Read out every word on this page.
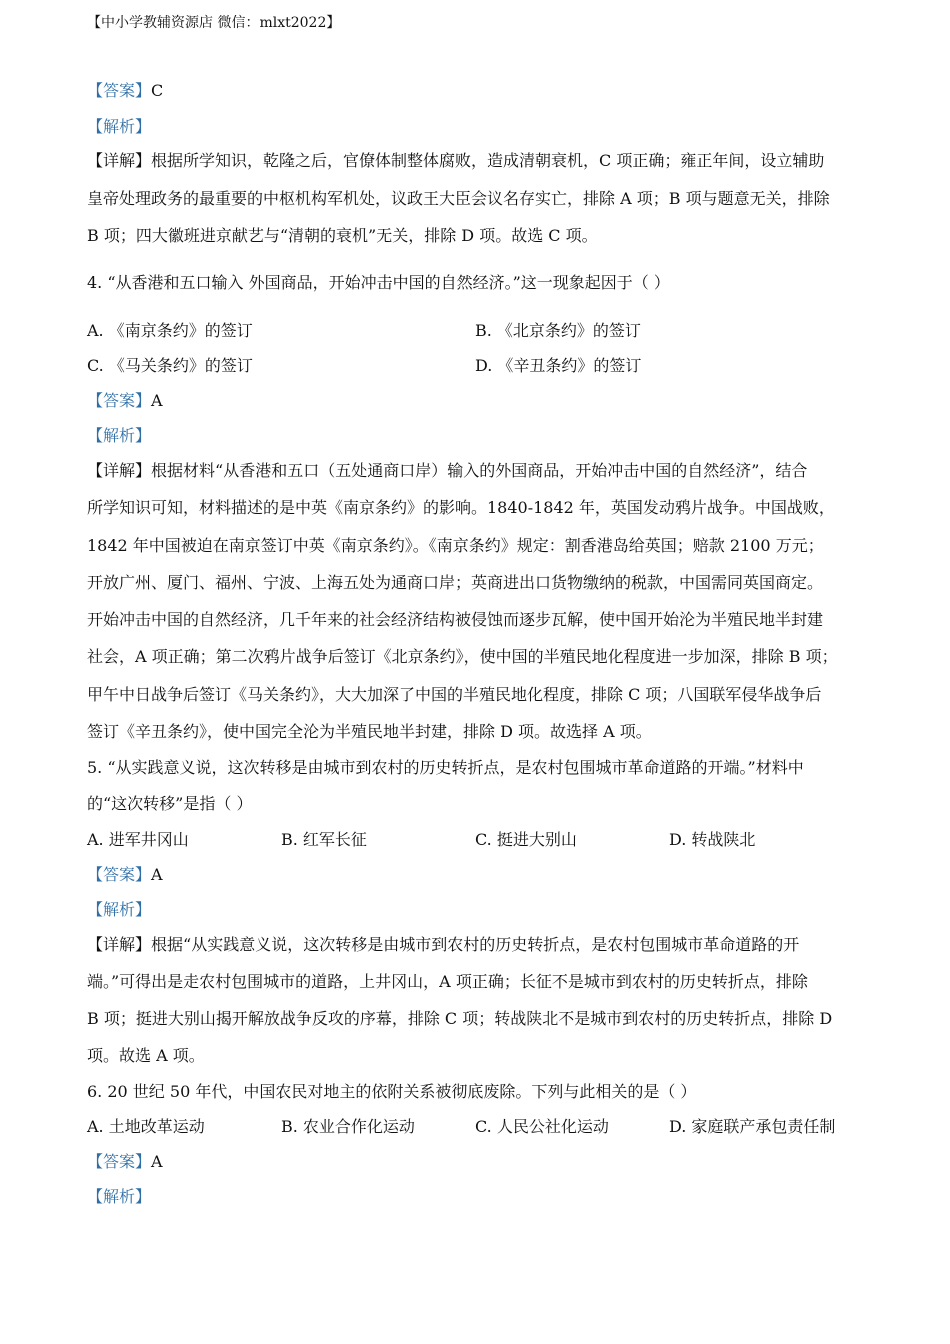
【中小学教辅资源店 微信：mlxt2022】
【答案】C
【解析】
【详解】根据所学知识，乾隆之后，官僚体制整体腐败，造成清朝衰机，C 项正确；雍正年间，设立辅助
皇帝处理政务的最重要的中枢机构军机处，议政王大臣会议名存实亡，排除 A 项；B 项与题意无关，排除
B 项；四大徽班进京献艺与“清朝的衰机”无关，排除 D 项。故选 C 项。
4. “从香港和五口输入 外国商品，开始冲击中国的自然经济。”这一现象起因于（ ）
A. 《南京条约》的签订	B. 《北京条约》的签订
C. 《马关条约》的签订	D. 《辛丑条约》的签订
【答案】A
【解析】
【详解】根据材料“从香港和五口（五处通商口岸）输入的外国商品，开始冲击中国的自然经济”，结合
所学知识可知，材料描述的是中英《南京条约》的影响。1840-1842 年，英国发动鸦片战争。中国战败，
1842 年中国被迫在南京签订中英《南京条约》。《南京条约》规定：割香港岛给英国；赔款 2100 万元；
开放广州、厦门、福州、宁波、上海五处为通商口岸；英商进出口货物缴纳的税款，中国需同英国商定。
开始冲击中国的自然经济，几千年来的社会经济结构被侵蚀而逐步瓦解，使中国开始沦为半殖民地半封建
社会，A 项正确；第二次鸦片战争后签订《北京条约》，使中国的半殖民地化程度进一步加深，排除 B 项；
甲午中日战争后签订《马关条约》，大大加深了中国的半殖民地化程度，排除 C 项；八国联军侵华战争后
签订《辛丑条约》，使中国完全沦为半殖民地半封建，排除 D 项。故选择 A 项。
5. “从实践意义说，这次转移是由城市到农村的历史转折点，是农村包围城市革命道路的开端。”材料中
的“这次转移”是指（ ）
A. 进军井冈山	B. 红军长征	C. 挺进大别山	D. 转战陕北
【答案】A
【解析】
【详解】根据“从实践意义说，这次转移是由城市到农村的历史转折点，是农村包围城市革命道路的开
端。”可得出是走农村包围城市的道路，上井冈山，A 项正确；长征不是城市到农村的历史转折点，排除
B 项；挺进大别山揭开解放战争反攻的序幕，排除 C 项；转战陕北不是城市到农村的历史转折点，排除 D
项。故选 A 项。
6. 20 世纪 50 年代，中国农民对地主的依附关系被彻底废除。下列与此相关的是（ ）
A. 土地改革运动	B. 农业合作化运动	C. 人民公社化运动	D. 家庭联产承包责任制
【答案】A
【解析】
